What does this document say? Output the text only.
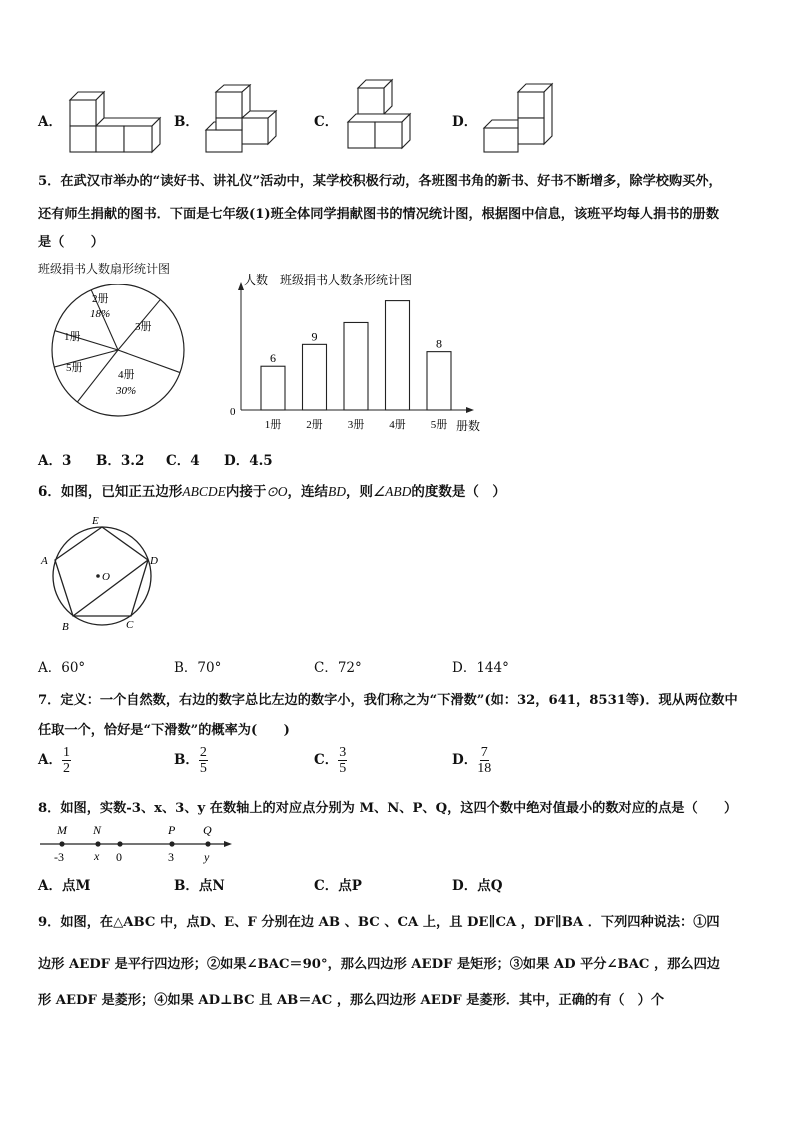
A．	B．	C．	D．
5．在武汉市举办的“读好书、讲礼仪”活动中，某学校积极行动，各班图书角的新书、好书不断增多，除学校购买外，
还有师生捐献的图书．下面是七年级(1)班全体同学捐献图书的情况统计图，根据图中信息，该班平均每人捐书的册数
是（　　）
班级捐书人数扇形统计图
2册
18%
3册
1册
5册
4册
30%
人数　班级捐书人数条形统计图
0
册数
6
1册
9
2册 3册 4册
8
5册
A．3 B．3.2 C．4 D．4.5
6．如图，已知正五边形ABCDE内接于⊙O，连结BD，则∠ABD的度数是（　）
E
D
A
B	C
O
A．60°	B．70°	C．72°	D．144°
7．定义：一个自然数，右边的数字总比左边的数字小，我们称之为“下滑数”(如：32，641，8531等)．现从两位数中
任取一个，恰好是“下滑数”的概率为(　　)
A． $\frac{1}{2}$	B． $\frac{2}{5}$	C． $\frac{3}{5}$	D． $\frac{7}{18}$
8．如图，实数-3、x、3、y 在数轴上的对应点分别为 M、N、P、Q，这四个数中绝对值最小的数对应的点是（　　）
M N	P Q
-3	x 0	3	y
A．点M	B．点N	C．点P	D．点Q
9．如图，在△ABC 中，点D、E、F 分别在边 AB 、BC 、CA 上，且 DE∥CA ，DF∥BA ．下列四种说法：①四
边形 AEDF 是平行四边形；②如果∠BAC＝90°，那么四边形 AEDF 是矩形；③如果 AD 平分∠BAC ，那么四边
形 AEDF 是菱形；④如果 AD⊥BC 且 AB＝AC ，那么四边形 AEDF 是菱形．其中，正确的有（　）个
